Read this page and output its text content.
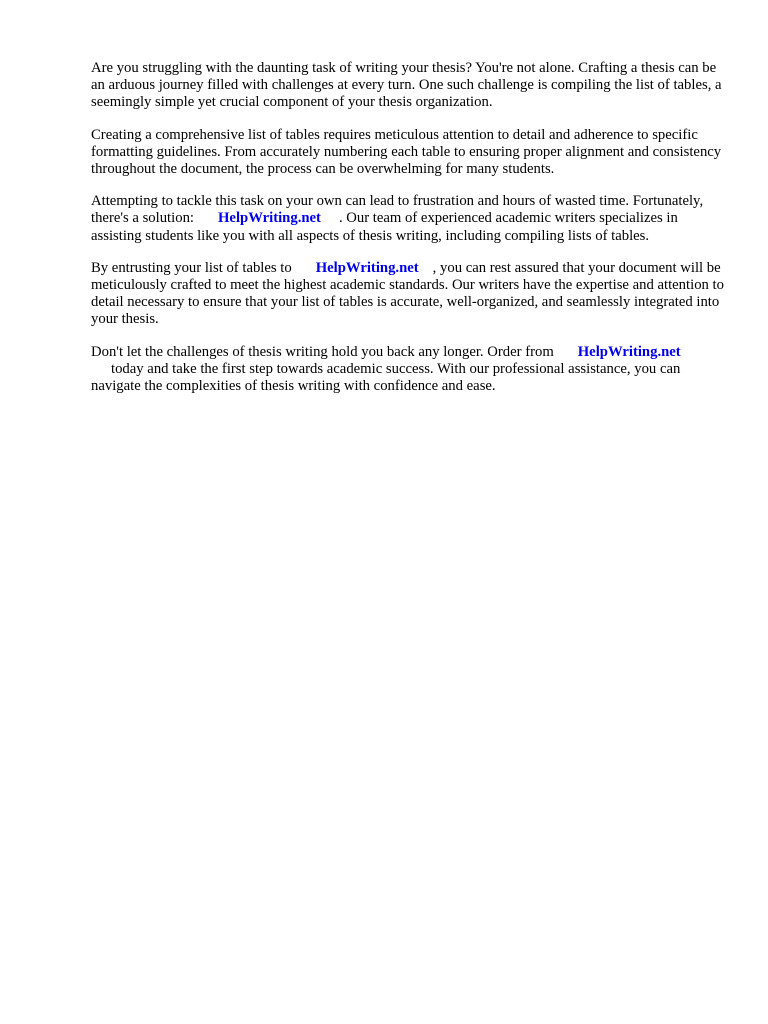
Are you struggling with the daunting task of writing your thesis? You're not alone. Crafting a thesis can be an arduous journey filled with challenges at every turn. One such challenge is compiling the list of tables, a seemingly simple yet crucial component of your thesis organization.

Creating a comprehensive list of tables requires meticulous attention to detail and adherence to specific formatting guidelines. From accurately numbering each table to ensuring proper alignment and consistency throughout the document, the process can be overwhelming for many students.

Attempting to tackle this task on your own can lead to frustration and hours of wasted time. Fortunately, there's a solution: HelpWriting.net . Our team of experienced academic writers specializes in assisting students like you with all aspects of thesis writing, including compiling lists of tables.

By entrusting your list of tables to HelpWriting.net , you can rest assured that your document will be meticulously crafted to meet the highest academic standards. Our writers have the expertise and attention to detail necessary to ensure that your list of tables is accurate, well-organized, and seamlessly integrated into your thesis.

Don't let the challenges of thesis writing hold you back any longer. Order from HelpWriting.net
today and take the first step towards academic success. With our professional assistance, you can navigate the complexities of thesis writing with confidence and ease.
